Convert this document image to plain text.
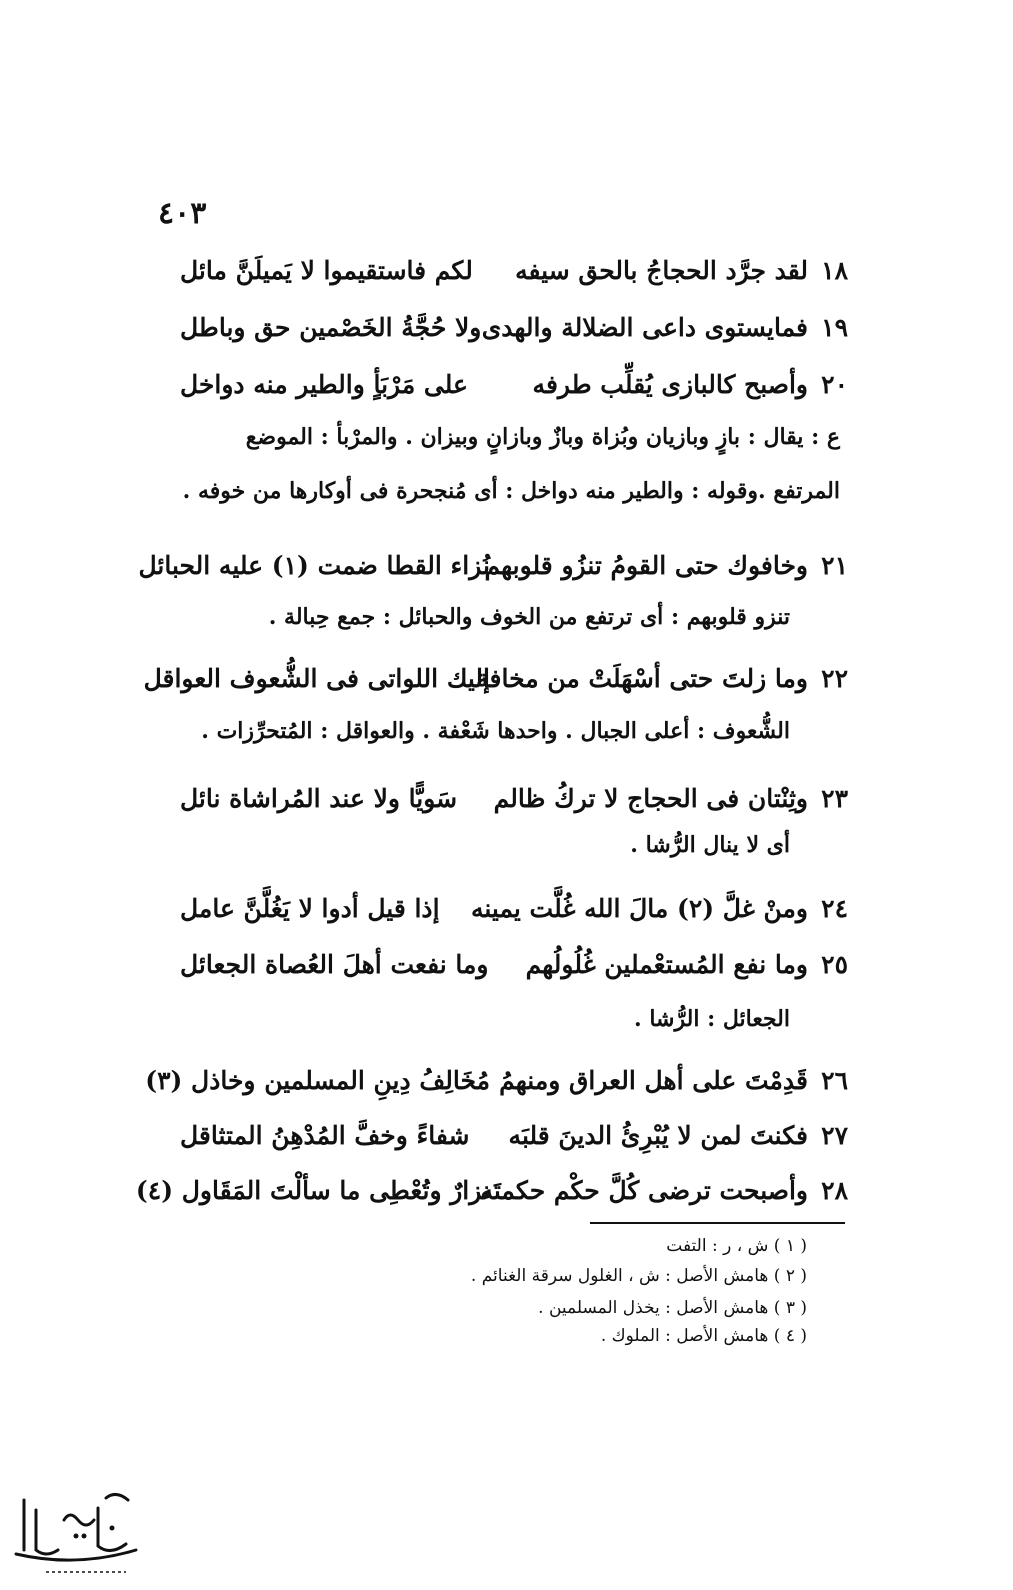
٤٠٣
١٨
لقد جرَّد الحجاجُ بالحق سيفه
لكم فاستقيموا لا يَميلَنَّ مائل
١٩
فمايستوى داعى الضلالة والهدى
ولا حُجَّةُ الخَصْمين حق وباطل
٢٠
وأصبح كالبازى يُقلِّب طرفه
على مَرْبَأٍ والطير منه دواخل
ع : يقال : بازٍ وبازيان وبُزاة وبازٌ وبازانٍ وبيزان . والمرْبأ : الموضع
المرتفع .وقوله : والطير منه دواخل : أى مُنجحرة فى أوكارها من خوفه .
٢١
وخافوك حتى القومُ تنزُو قلوبهم
نُزاء القطا ضمت (١) عليه الحبائل
تنزو قلوبهم : أى ترتفع من الخوف والحبائل : جمع حِبالة .
٢٢
وما زلتَ حتى أسْهَلَتْ من مخافة
إليك اللواتى فى الشُّعوف العواقل
الشُّعوف : أعلى الجبال . واحدها شَعْفة . والعواقل : المُتحرِّزات .
٢٣
وثِنْتان فى الحجاج لا تركُ ظالم
سَويًّا ولا عند المُراشاة نائل
أى لا ينال الرُّشا .
٢٤
ومنْ غلَّ (٢) مالَ الله غُلَّت يمينه
إذا قيل أدوا لا يَغُلَّنَّ عامل
٢٥
وما نفع المُستعْملين غُلُولُهم
وما نفعت أهلَ العُصاة الجعائل
الجعائل : الرُّشا .
٢٦
قَدِمْتَ على أهل العراق ومنهمُ
مُخَالِفُ دِينِ المسلمين وخاذل (٣)
٢٧
فكنتَ لمن لا يُبْرِئُ الدينَ قلبَه
شفاءً وخفَّ المُدْهِنُ المتثاقل
٢٨
وأصبحت ترضى كُلَّ حكْم حكمتَه
نزارٌ وتُعْطِى ما سألْتَ المَقَاول (٤)
( ١ ) ش ، ر : التفت
( ٢ ) هامش الأصل : ش ، الغلول سرقة الغنائم .
( ٣ ) هامش الأصل : يخذل المسلمين .
( ٤ ) هامش الأصل : الملوك .
